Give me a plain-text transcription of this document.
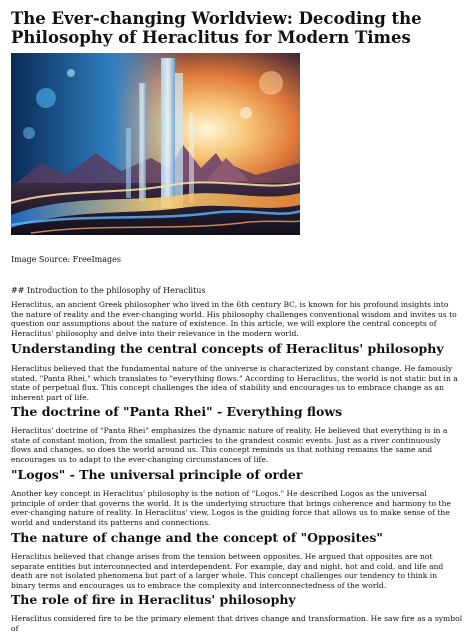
The Ever-changing Worldview: Decoding the
Philosophy of Heraclitus for Modern Times
Image Source: FreeImages
## Introduction to the philosophy of Heraclitus

Heraclitus, an ancient Greek philosopher who lived in the 6th century BC, is known for his profound insights into the nature of reality and the ever-changing world. His philosophy challenges conventional wisdom and invites us to question our assumptions about the nature of existence. In this article, we will explore the central concepts of Heraclitus' philosophy and delve into their relevance in the modern world.

Understanding the central concepts of Heraclitus' philosophy

Heraclitus believed that the fundamental nature of the universe is characterized by constant change. He famously stated, "Panta Rhei," which translates to "everything flows." According to Heraclitus, the world is not static but in a state of perpetual flux. This concept challenges the idea of stability and encourages us to embrace change as an inherent part of life.

The doctrine of "Panta Rhei" - Everything flows

Heraclitus' doctrine of "Panta Rhei" emphasizes the dynamic nature of reality. He believed that everything is in a state of constant motion, from the smallest particles to the grandest cosmic events. Just as a river continuously flows and changes, so does the world around us. This concept reminds us that nothing remains the same and encourages us to adapt to the ever-changing circumstances of life.

"Logos" - The universal principle of order

Another key concept in Heraclitus' philosophy is the notion of "Logos." He described Logos as the universal principle of order that governs the world. It is the underlying structure that brings coherence and harmony to the ever-changing nature of reality. In Heraclitus' view, Logos is the guiding force that allows us to make sense of the world and understand its patterns and connections.

The nature of change and the concept of "Opposites"

Heraclitus believed that change arises from the tension between opposites. He argued that opposites are not separate entities but interconnected and interdependent. For example, day and night, hot and cold, and life and death are not isolated phenomena but part of a larger whole. This concept challenges our tendency to think in binary terms and encourages us to embrace the complexity and interconnectedness of the world.

The role of fire in Heraclitus' philosophy

Heraclitus considered fire to be the primary element that drives change and transformation. He saw fire as a symbol of
